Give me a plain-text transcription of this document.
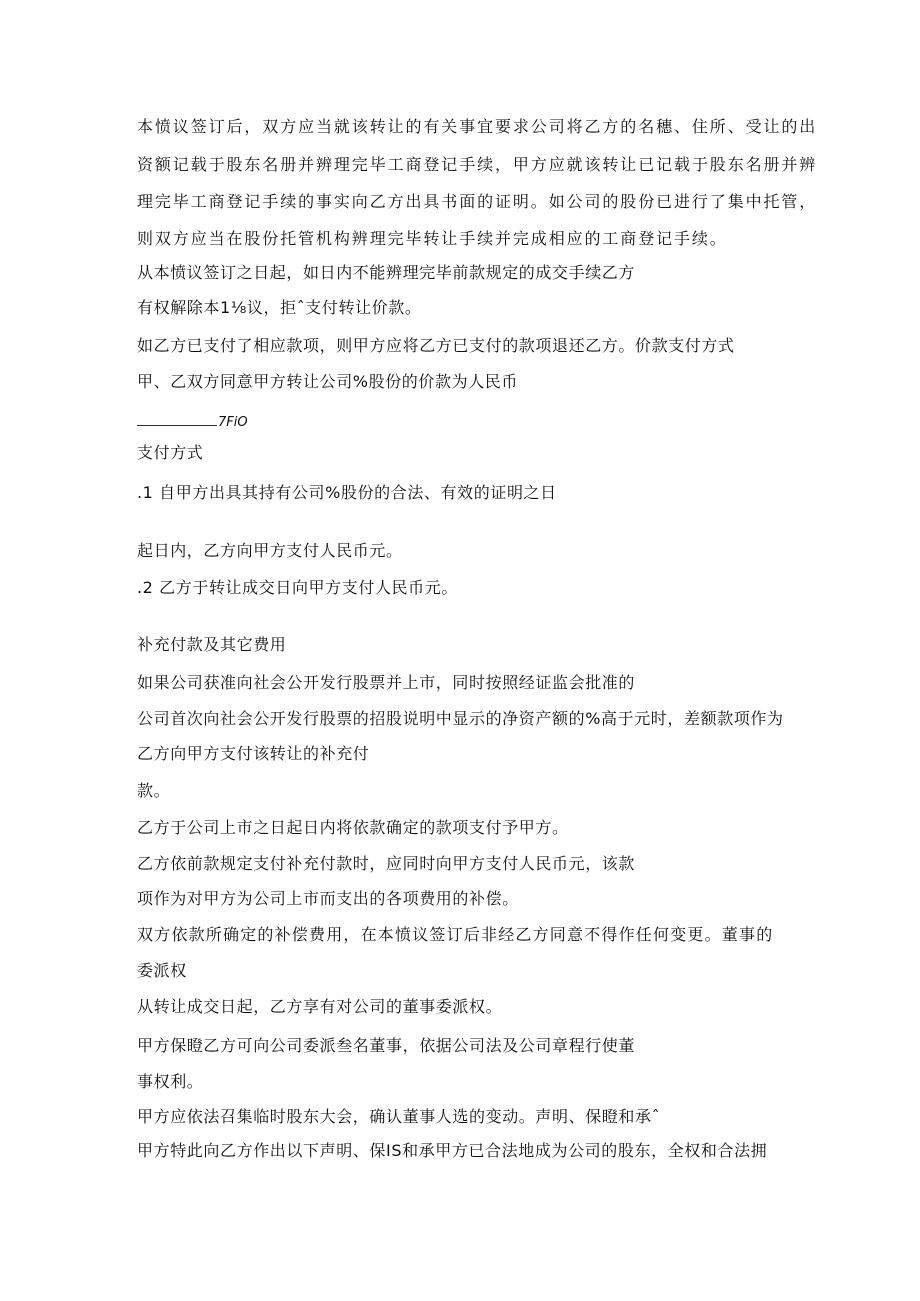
本愤议签订后，双方应当就该转让的有关事宜要求公司将乙方的名穗、住所、受让的出

资额记载于股东名册并辨理完毕工商登记手续，甲方应就该转让已记载于股东名册并辨

理完毕工商登记手续的事实向乙方出具书面的证明。如公司的股份已进行了集中托管，

则双方应当在股份托管机构辨理完毕转让手续并完成相应的工商登记手续。

从本愤议签订之日起，如日内不能辨理完毕前款规定的成交手续乙方

有权解除本1⅛议，拒ˆ支付转让价款。

如乙方已支付了相应款项，则甲方应将乙方已支付的款项退还乙方。价款支付方式

甲、乙双方同意甲方转让公司%股份的价款为人民币

7FiO

支付方式

.1 自甲方出具其持有公司%股份的合法、有效的证明之日

起日内，乙方向甲方支付人民币元。

.2 乙方于转让成交日向甲方支付人民币元。

补充付款及其它费用

如果公司获准向社会公开发行股票并上市，同时按照经证监会批准的

公司首次向社会公开发行股票的招股说明中显示的净资产额的%高于元时，差额款项作为

乙方向甲方支付该转让的补充付

款。

乙方于公司上市之日起日内将依款确定的款项支付予甲方。

乙方依前款规定支付补充付款时，应同时向甲方支付人民币元，该款

项作为对甲方为公司上市而支出的各项费用的补偿。

双方依款所确定的补偿费用，在本愤议签订后非经乙方同意不得作任何变更。董事的

委派权

从转让成交日起，乙方享有对公司的董事委派权。

甲方保瞪乙方可向公司委派叁名董事，依据公司法及公司章程行使董

事权利。

甲方应依法召集临时股东大会，确认董事人选的变动。声明、保瞪和承ˆ

甲方特此向乙方作出以下声明、保IS和承甲方已合法地成为公司的股东，全权和合法拥
